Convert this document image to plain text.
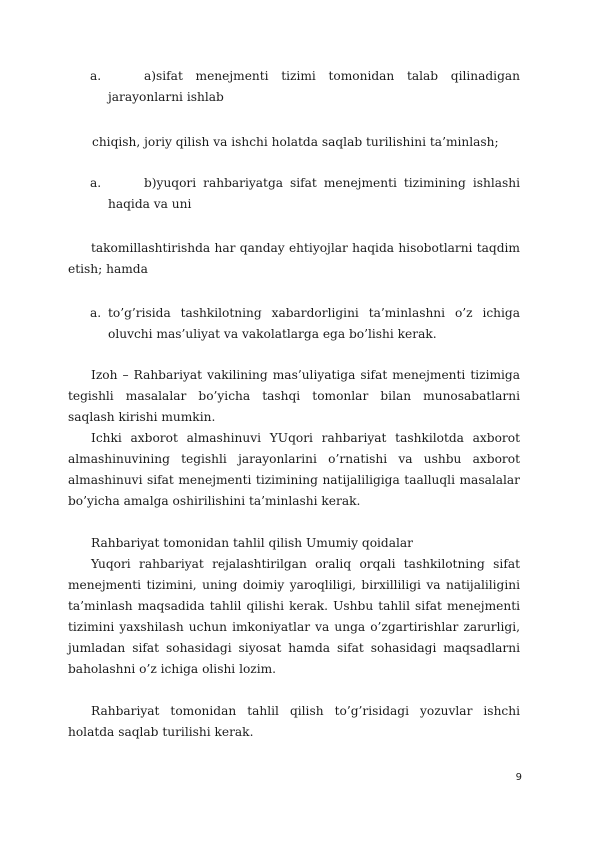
a.	a)sifat menejmenti tizimi tomonidan talab qilinadigan
jarayonlarni ishlab
chiqish, joriy qilish va ishchi holatda saqlab turilishini ta’minlash;
a.	b)yuqori rahbariyatga sifat menejmenti tizimining ishlashi
haqida va uni
takomillashtirishda har qanday ehtiyojlar haqida hisobotlarni taqdim etish; hamda
a. to’g’risida tashkilotning xabardorligini ta’minlashni o’z ichiga
oluvchi mas’uliyat va vakolatlarga ega bo’lishi kerak.
Izoh – Rahbariyat vakilining mas’uliyatiga sifat menejmenti tizimiga tegishli masalalar bo’yicha tashqi tomonlar bilan munosabatlarni saqlash kirishi mumkin.
Ichki axborot almashinuvi YUqori rahbariyat tashkilotda axborot almashinuvining tegishli jarayonlarini o’rnatishi va ushbu axborot almashinuvi sifat menejmenti tizimining natijaliligiga taalluqli masalalar bo’yicha amalga oshirilishini ta’minlashi kerak.
Rahbariyat tomonidan tahlil qilish Umumiy qoidalar
Yuqori rahbariyat rejalashtirilgan oraliq orqali tashkilotning sifat menejmenti tizimini, uning doimiy yaroqliligi, birxilliligi va natijaliligini ta’minlash maqsadida tahlil qilishi kerak. Ushbu tahlil sifat menejmenti tizimini yaxshilash uchun imkoniyatlar va unga o’zgartirishlar zarurligi, jumladan sifat sohasidagi siyosat hamda sifat sohasidagi maqsadlarni baholashni o’z ichiga olishi lozim.
Rahbariyat tomonidan tahlil qilish to’g’risidagi yozuvlar ishchi holatda saqlab turilishi kerak.
9
